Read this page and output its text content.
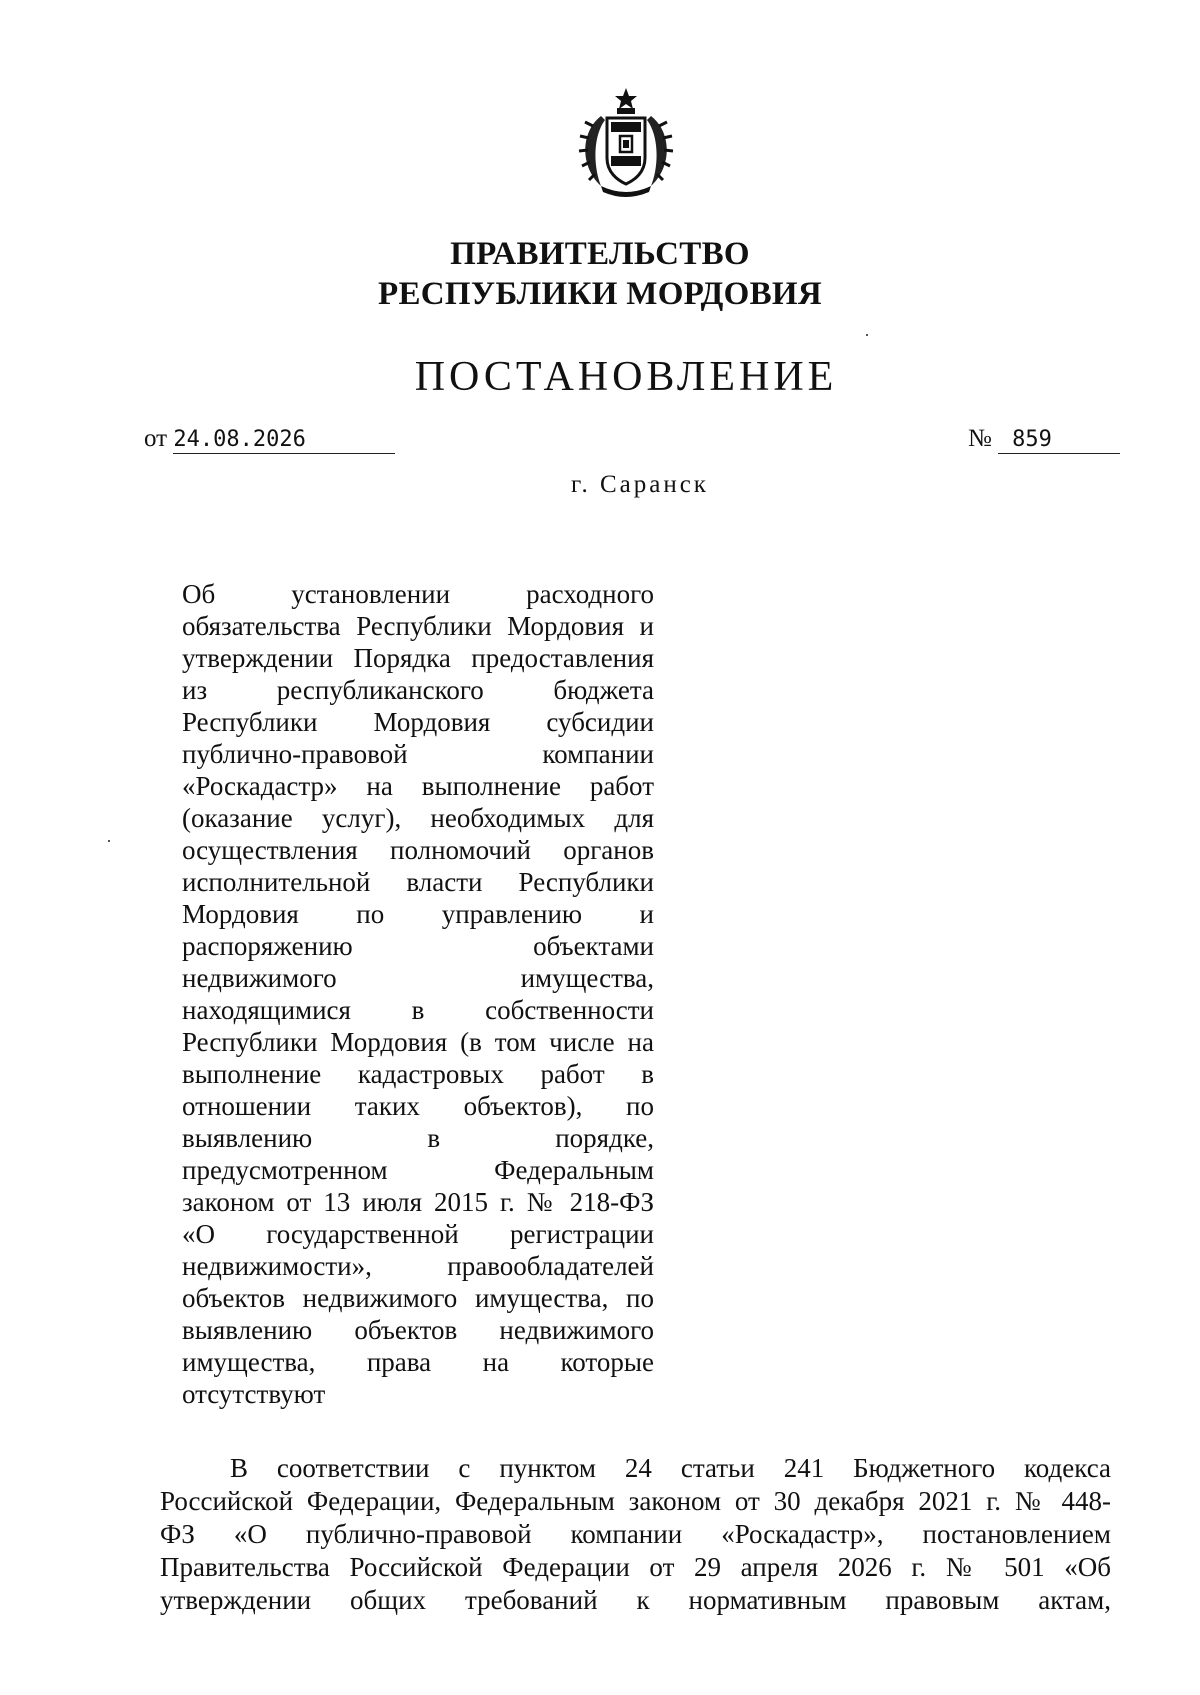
ПРАВИТЕЛЬСТВО
РЕСПУБЛИКИ МОРДОВИЯ
ПОСТАНОВЛЕНИЕ
от 24.08.2026	№ 859
г. Саранск
Об установлении расходного
обязательства Республики Мордовия и
утверждении Порядка предоставления
из республиканского бюджета
Республики Мордовия субсидии
публично-правовой компании
«Роскадастр» на выполнение работ
(оказание услуг), необходимых для
осуществления полномочий органов
исполнительной власти Республики
Мордовия по управлению и
распоряжению объектами
недвижимого имущества,
находящимися в собственности
Республики Мордовия (в том числе на
выполнение кадастровых работ в
отношении таких объектов), по
выявлению в порядке,
предусмотренном Федеральным
законом от 13 июля 2015 г. № 218-ФЗ
«О государственной регистрации
недвижимости», правообладателей
объектов недвижимого имущества, по
выявлению объектов недвижимого
имущества, права на которые
отсутствуют
В соответствии с пунктом 24 статьи 241 Бюджетного кодекса
Российской Федерации, Федеральным законом от 30 декабря 2021 г. № 448-
ФЗ «О публично-правовой компании «Роскадастр», постановлением
Правительства Российской Федерации от 29 апреля 2026 г. № 501 «Об
утверждении общих требований к нормативным правовым актам,
